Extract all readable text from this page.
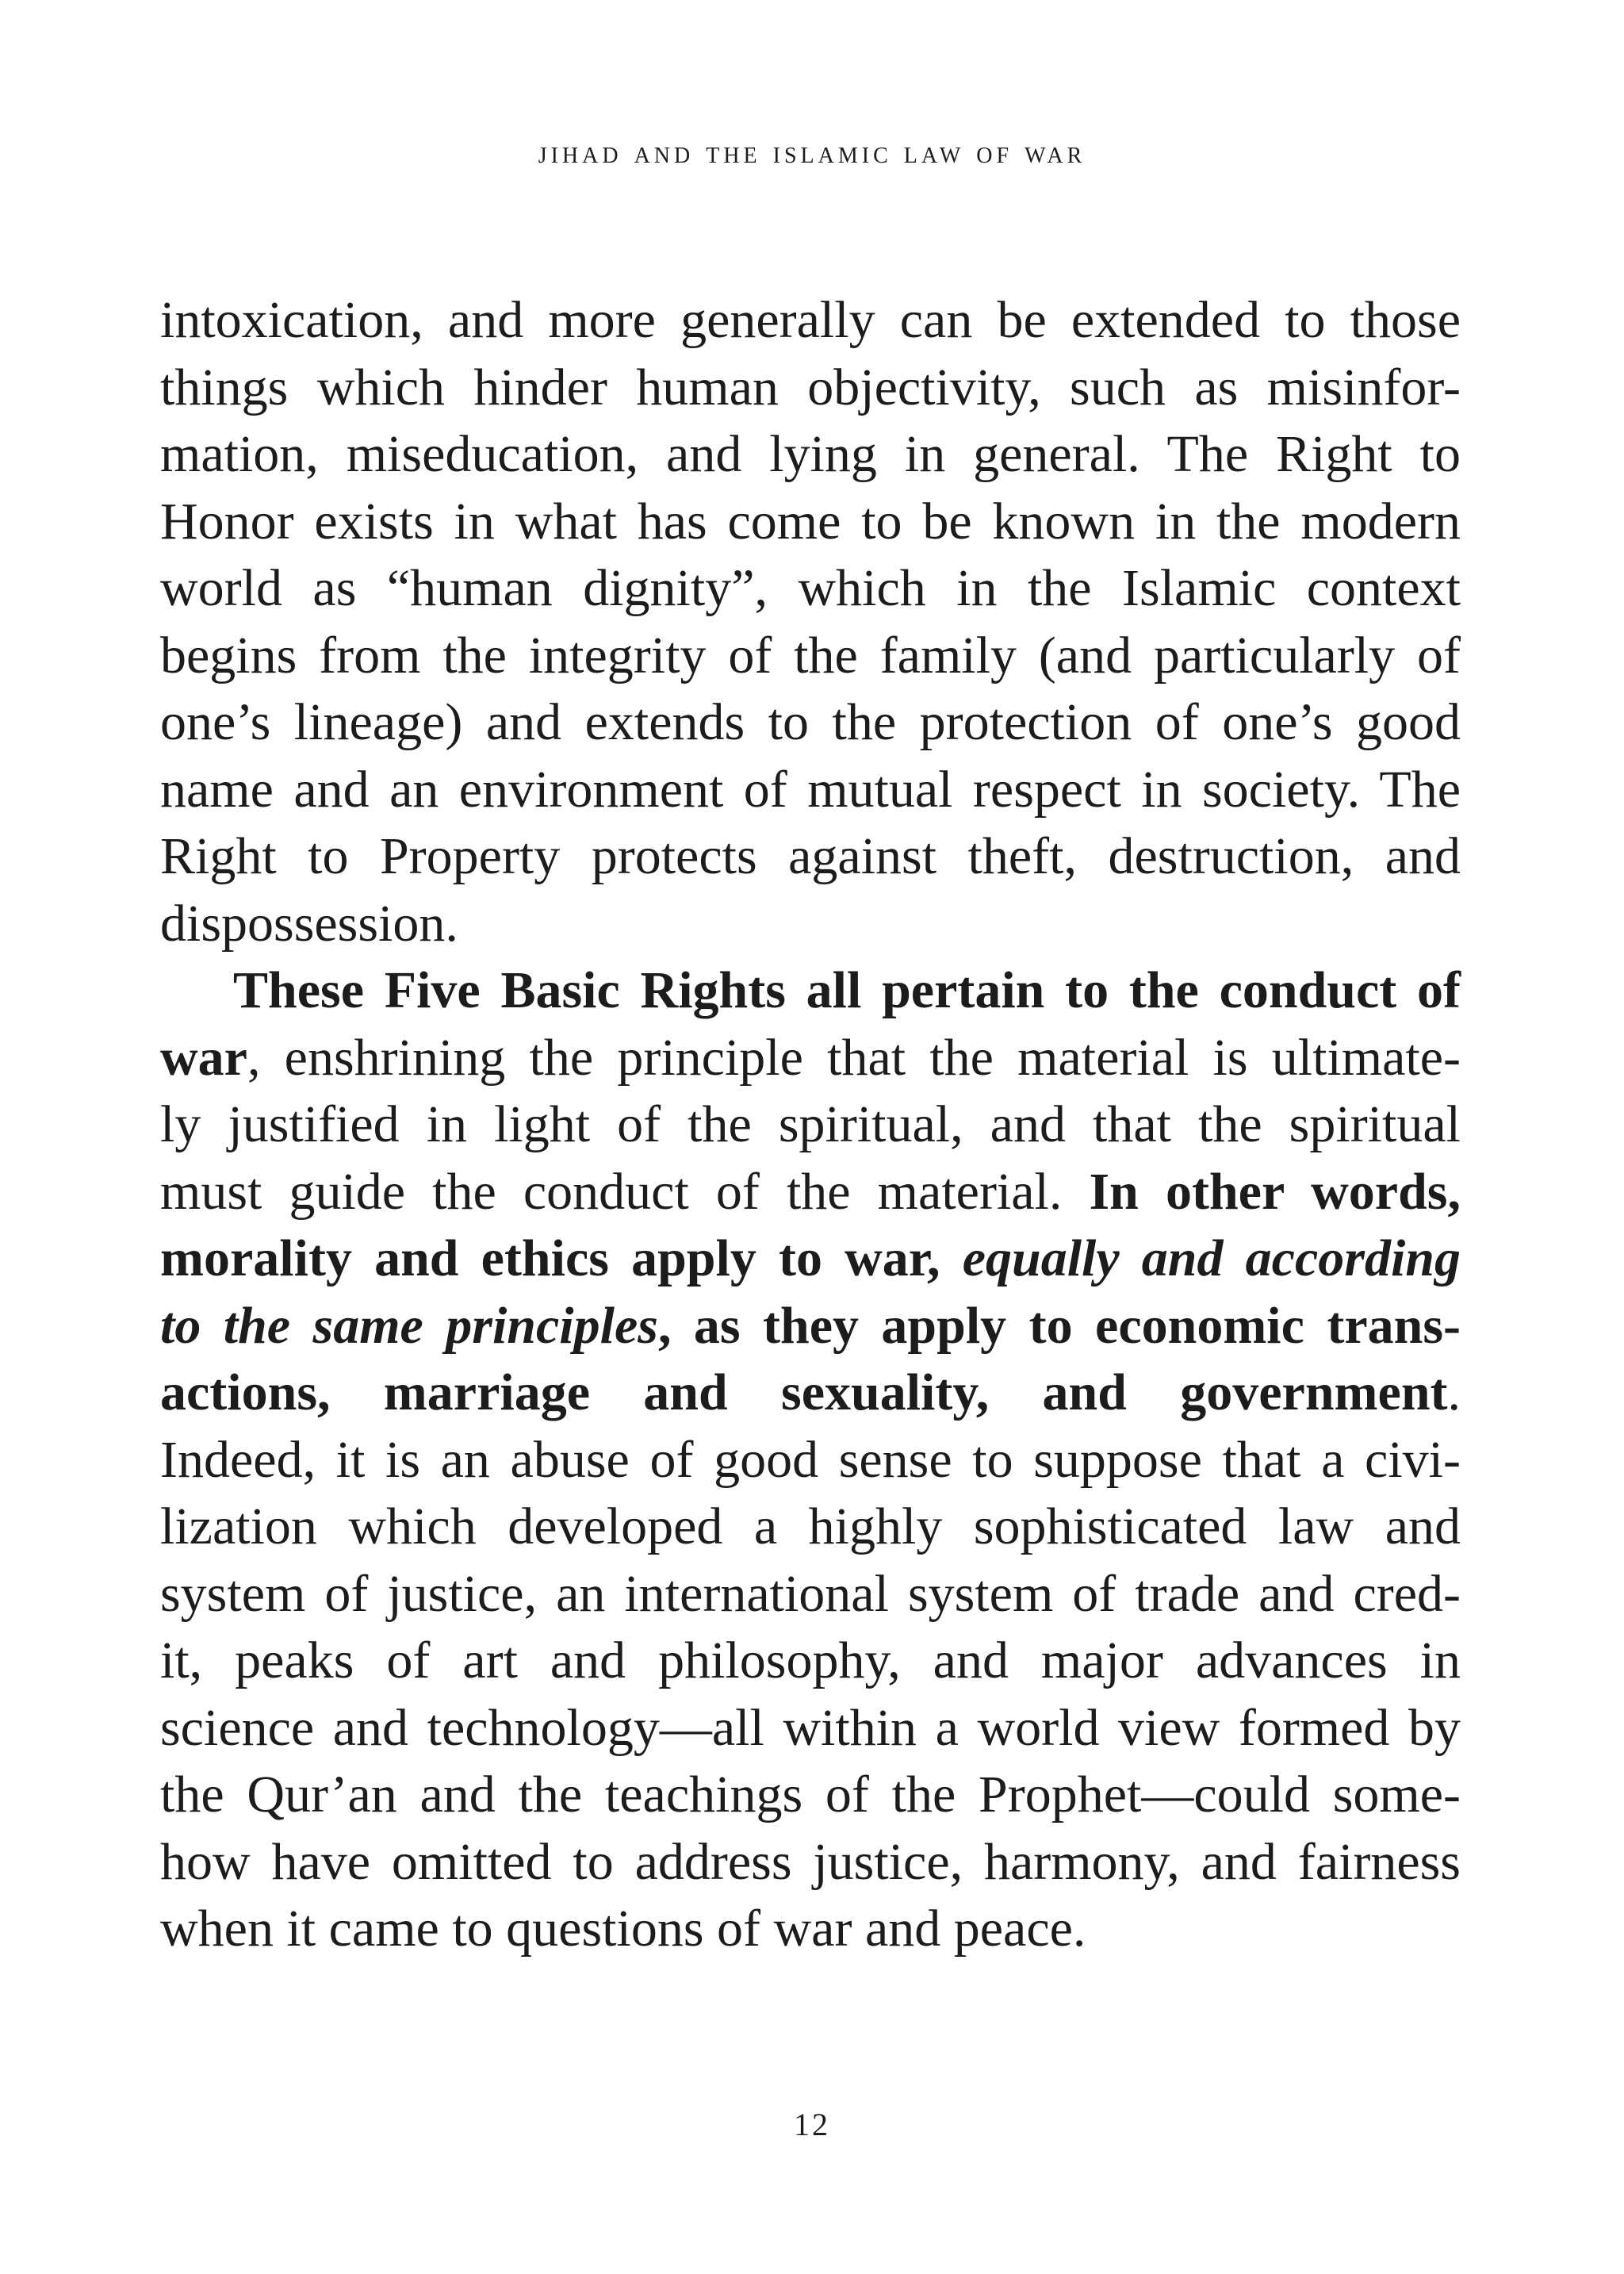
jihad and the islamic law of war
intoxication, and more generally can be extended to those
things which hinder human objectivity, such as misinfor-
mation, miseducation, and lying in general. The Right to
Honor exists in what has come to be known in the modern
world as “human dignity”, which in the Islamic context
begins from the integrity of the family (and particularly of
one’s lineage) and extends to the protection of one’s good
name and an environment of mutual respect in society. The
Right to Property protects against theft, destruction, and
dispossession.
These Five Basic Rights all pertain to the conduct of
war, enshrining the principle that the material is ultimate-
ly justified in light of the spiritual, and that the spiritual
must guide the conduct of the material. In other words,
morality and ethics apply to war, equally and according
to the same principles, as they apply to economic trans-
actions, marriage and sexuality, and government.
Indeed, it is an abuse of good sense to suppose that a civi-
lization which developed a highly sophisticated law and
system of justice, an international system of trade and cred-
it, peaks of art and philosophy, and major advances in
science and technology—all within a world view formed by
the Qur’an and the teachings of the Prophet—could some-
how have omitted to address justice, harmony, and fairness
when it came to questions of war and peace.
12
